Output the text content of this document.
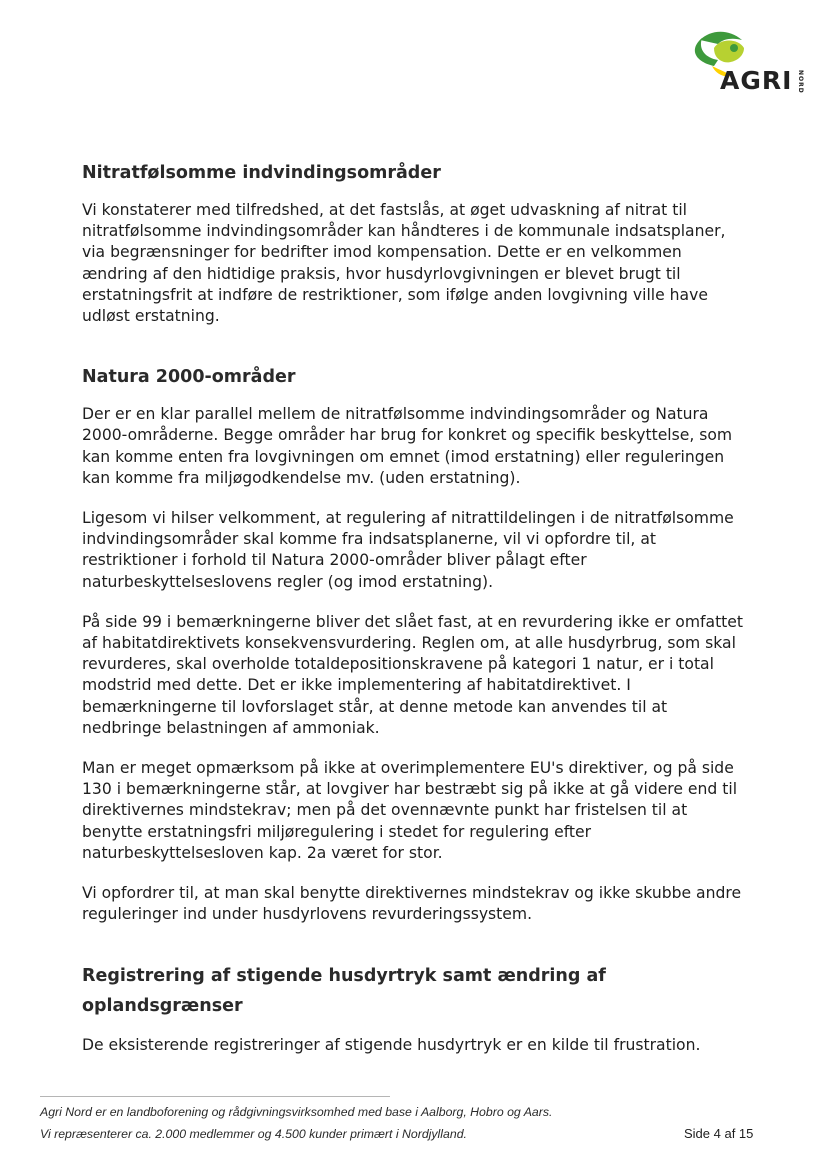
AGRI NORD
Nitratfølsomme indvindingsområder

Vi konstaterer med tilfredshed, at det fastslås, at øget udvaskning af nitrat til nitratfølsomme indvindingsområder kan håndteres i de kommunale indsatsplaner, via begrænsninger for bedrifter imod kompensation. Dette er en velkommen ændring af den hidtidige praksis, hvor husdyrlovgivningen er blevet brugt til erstatningsfrit at indføre de restriktioner, som ifølge anden lovgivning ville have udløst erstatning.

Natura 2000-områder

Der er en klar parallel mellem de nitratfølsomme indvindingsområder og Natura 2000-områderne. Begge områder har brug for konkret og specifik beskyttelse, som kan komme enten fra lovgivningen om emnet (imod erstatning) eller reguleringen kan komme fra miljøgodkendelse mv. (uden erstatning).

Ligesom vi hilser velkomment, at regulering af nitrattildelingen i de nitratfølsomme indvindingsområder skal komme fra indsatsplanerne, vil vi opfordre til, at restriktioner i forhold til Natura 2000-områder bliver pålagt efter naturbeskyttelseslovens regler (og imod erstatning).

På side 99 i bemærkningerne bliver det slået fast, at en revurdering ikke er omfattet af habitatdirektivets konsekvensvurdering. Reglen om, at alle husdyrbrug, som skal revurderes, skal overholde totaldepositionskravene på kategori 1 natur, er i total modstrid med dette. Det er ikke implementering af habitatdirektivet. I bemærkningerne til lovforslaget står, at denne metode kan anvendes til at nedbringe belastningen af ammoniak.

Man er meget opmærksom på ikke at overimplementere EU's direktiver, og på side 130 i bemærkningerne står, at lovgiver har bestræbt sig på ikke at gå videre end til direktivernes mindstekrav; men på det ovennævnte punkt har fristelsen til at benytte erstatningsfri miljøregulering i stedet for regulering efter naturbeskyttelsesloven kap. 2a været for stor.

Vi opfordrer til, at man skal benytte direktivernes mindstekrav og ikke skubbe andre reguleringer ind under husdyrlovens revurderingssystem.

Registrering af stigende husdyrtryk samt ændring af oplandsgrænser

De eksisterende registreringer af stigende husdyrtryk er en kilde til frustration.

Agri Nord er en landboforening og rådgivningsvirksomhed med base i Aalborg, Hobro og Aars.
Vi repræsenterer ca. 2.000 medlemmer og 4.500 kunder primært i Nordjylland.	Side 4 af 15
